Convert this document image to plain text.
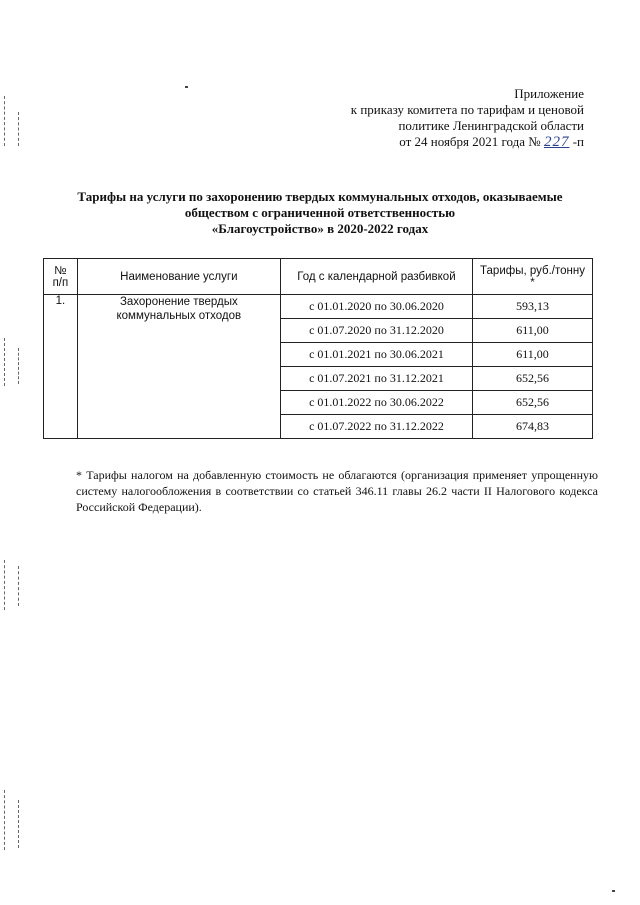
Приложение
к приказу комитета по тарифам и ценовой
политике Ленинградской области
от 24 ноября 2021 года № 227 -п
Тарифы на услуги по захоронению твердых коммунальных отходов, оказываемые
обществом с ограниченной ответственностью
«Благоустройство» в 2020-2022 годах
№ п/п	Наименование услуги	Год с календарной разбивкой	Тарифы, руб./тонну *
1.	Захоронение твердых коммунальных отходов	с 01.01.2020 по 30.06.2020	593,13
		с 01.07.2020 по 31.12.2020	611,00
		с 01.01.2021 по 30.06.2021	611,00
		с 01.07.2021 по 31.12.2021	652,56
		с 01.01.2022 по 30.06.2022	652,56
		с 01.07.2022 по 31.12.2022	674,83
* Тарифы налогом на добавленную стоимость не облагаются (организация применяет упрощенную систему налогообложения в соответствии со статьей 346.11 главы 26.2 части II Налогового кодекса Российской Федерации).
